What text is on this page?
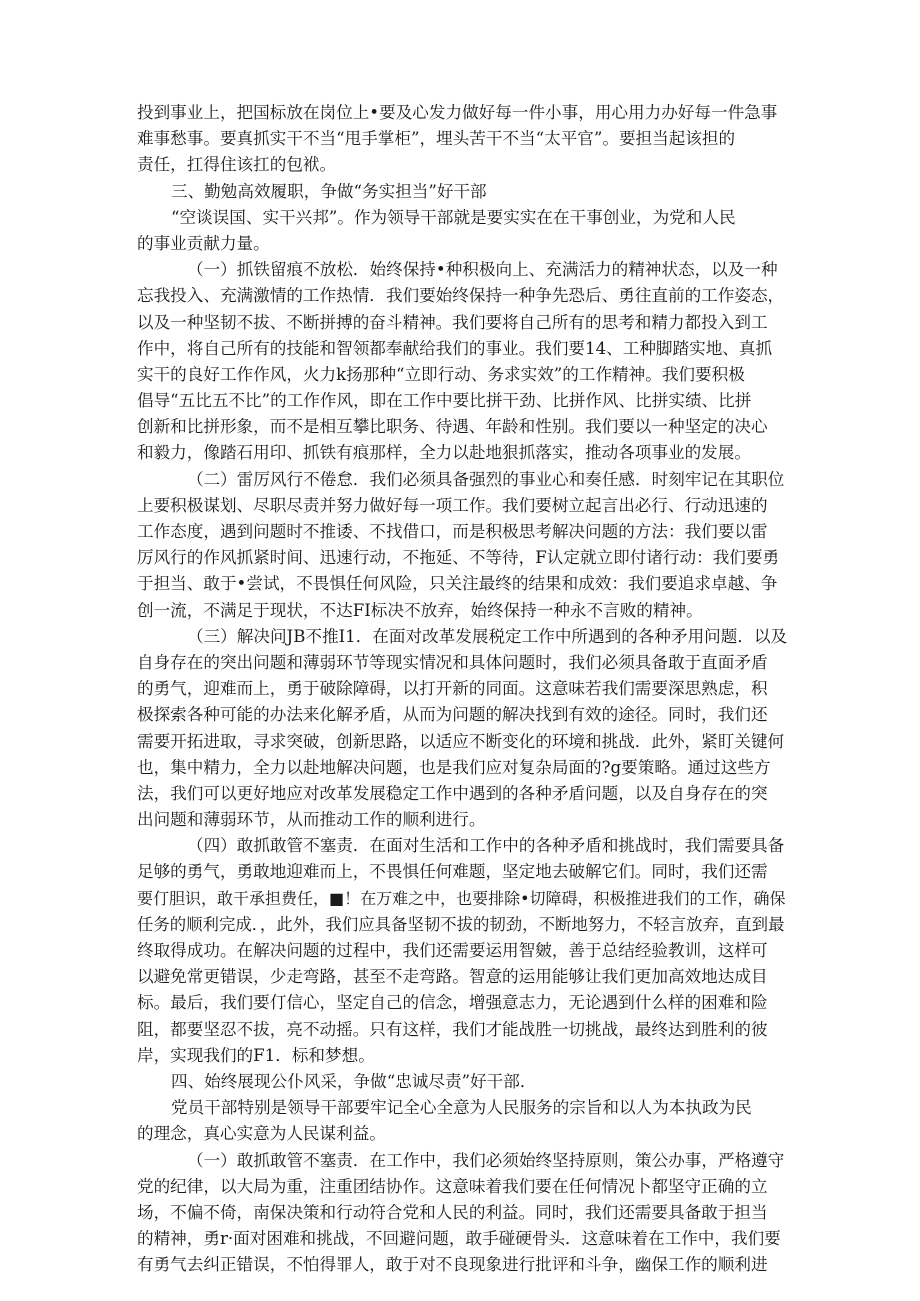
投到事业上，把国标放在岗位上•要及心发力做好每一件小事，用心用力办好每一件急事
难事愁事。要真抓实干不当“甩手掌柜”，埋头苦干不当“太平官”。要担当起该担的
责任，扛得住该扛的包袱。
三、勤勉高效履职，争做“务实担当”好干部
“空谈误国、实干兴邦”。作为领导干部就是要实实在在干事创业，为党和人民
的事业贡献力量。
（一）抓铁留痕不放松．始终保持•种积极向上、充满活力的精神状态，以及一种
忘我投入、充满激情的工作热情．我们要始终保持一种争先恐后、勇往直前的工作姿态，
以及一种坚韧不拔、不断拼搏的奋斗精神。我们要将自己所有的思考和精力都投入到工
作中，将自己所有的技能和智领都奉献给我们的事业。我们要14、工种脚踏实地、真抓
实干的良好工作作风，火力k扬那种“立即行动、务求实效”的工作精神。我们要积极
倡导“五比五不比”的工作作风，即在工作中要比拼干劲、比拼作风、比拼实绩、比拼
创新和比拼形象，而不是相互攀比职务、待遇、年龄和性别。我们要以一种坚定的决心
和毅力，像踏石用印、抓铁有痕那样，全力以赴地狠抓落实，推动各项事业的发展。
（二）雷厉风行不倦怠．我们必须具备强烈的事业心和奏任感．时刻牢记在其职位
上要积极谋划、尽职尽责并努力做好每一项工作。我们要树立起言出必行、行动迅速的
工作态度，遇到问题时不推诿、不找借口，而是积极思考解决问题的方法：我们要以雷
厉风行的作风抓紧时间、迅速行动，不拖延、不等待，F认定就立即付诸行动：我们要勇
于担当、敢于•尝试，不畏惧任何风险，只关注最终的结果和成效：我们要追求卓越、争
创一流，不满足于现状，不达FI标决不放弃，始终保持一种永不言败的精神。
（三）解决问JB不推I1．在面对改革发展税定工作中所遇到的各种矛用问题．以及
自身存在的突出问题和薄弱环节等现实情况和具体问题时，我们必须具备敢于直面矛盾
的勇气，迎难而上，勇于破除障碍，以打开新的同面。这意味若我们需要深思熟虑，积
极探索各种可能的办法来化解矛盾，从而为问题的解决找到有效的途径。同时，我们还
需要开拓进取，寻求突破，创新思路，以适应不断变化的环境和挑战．此外，紧盯关键何
也，集中精力，全力以赴地解决问题，也是我们应对复杂局面的?g要策略。通过这些方
法，我们可以更好地应对改革发展稳定工作中遇到的各种矛盾问题，以及自身存在的突
出问题和薄弱环节，从而推动工作的顺利进行。
（四）敢抓敢管不塞责．在面对生活和工作中的各种矛盾和挑战时，我们需要具备
足够的勇气，勇敢地迎难而上，不畏惧任何难题，坚定地去破解它们。同时，我们还需
要仃胆识，敢干承担费任，■！在万难之中，也要排除•切障碍，积极推进我们的工作，确保
任务的顺利完成．，此外，我们应具备坚韧不拔的韧劲，不断地努力，不轻言放弃，直到最
终取得成功。在解决问题的过程中，我们还需要运用智皴，善于总结经验教训，这样可
以避免常更错误，少走弯路，甚至不走弯路。智意的运用能够让我们更加高效地达成目
标。最后，我们要仃信心，坚定自己的信念，增强意志力，无论遇到什么样的困难和险
阻，都要坚忍不拔，亮不动摇。只有这样，我们才能战胜一切挑战，最终达到胜利的彼
岸，实现我们的F1．标和梦想。
四、始终展现公仆风采，争做“忠诚尽责”好干部．
党员干部特别是领导干部要牢记全心全意为人民服务的宗旨和以人为本执政为民
的理念，真心实意为人民谋利益。
（一）敢抓敢管不塞责．在工作中，我们必须始终坚持原则，策公办事，严格遵守
党的纪律，以大局为重，注重团结协作。这意味着我们要在任何情况卜都坚守正确的立
场，不偏不倚，南保决策和行动符合党和人民的利益。同时，我们还需要具备敢于担当
的精神，勇r·面对困难和挑战，不回避问题，敢手碰硬骨头．这意味着在工作中，我们要
有勇气去纠正错误，不怕得罪人，敢于对不良现象进行批评和斗争，幽保工作的顺利进
